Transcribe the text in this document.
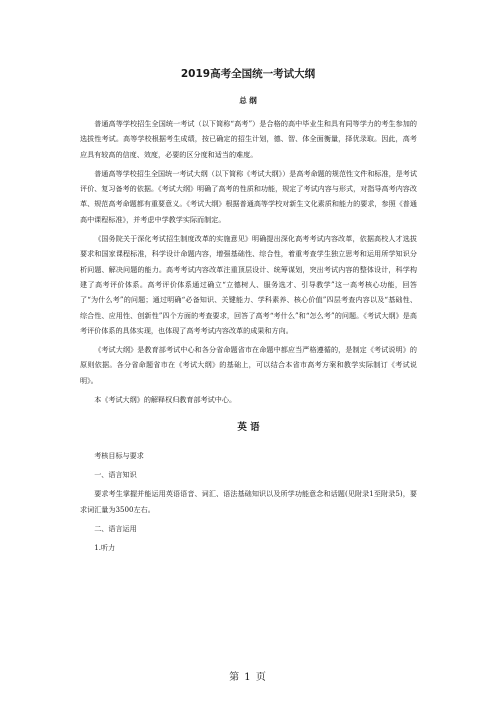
2019高考全国统一考试大纲
总 纲

普通高等学校招生全国统一考试（以下简称“高考”）是合格的高中毕业生和具有同等学力的考生参加的选拔性考试。高等学校根据考生成绩，按已确定的招生计划，德、智、体全面衡量，择优录取。因此，高考应具有较高的信度、效度，必要的区分度和适当的难度。

普通高等学校招生全国统一考试大纲（以下简称《考试大纲》）是高考命题的规范性文件和标准，是考试评价、复习备考的依据。《考试大纲》明确了高考的性质和功能，规定了考试内容与形式，对指导高考内容改革、规范高考命题都有重要意义。《考试大纲》根据普通高等学校对新生文化素质和能力的要求，参照《普通高中课程标准》，并考虑中学教学实际而制定。

《国务院关于深化考试招生制度改革的实施意见》明确提出深化高考考试内容改革，依据高校人才选拔要求和国家课程标准，科学设计命题内容，增强基础性、综合性，着重考查学生独立思考和运用所学知识分析问题、解决问题的能力。高考考试内容改革注重顶层设计、统筹谋划，突出考试内容的整体设计，科学构建了高考评价体系。高考评价体系通过确立“立德树人、服务选才、引导教学”这一高考核心功能，回答了“为什么考”的问题；通过明确“必备知识、关键能力、学科素养、核心价值”四层考查内容以及“基础性、综合性、应用性、创新性”四个方面的考查要求，回答了高考“考什么”和“怎么考”的问题。《考试大纲》是高考评价体系的具体实现，也体现了高考考试内容改革的成果和方向。

《考试大纲》是教育部考试中心和各分省命题省市在命题中都应当严格遵循的，是制定《考试说明》的原则依据。各分省命题省市在《考试大纲》的基础上，可以结合本省市高考方案和教学实际制订《考试说明》。

本《考试大纲》的解释权归教育部考试中心。

英 语

考核目标与要求

一、语言知识

要求考生掌握并能运用英语语音、词汇、语法基础知识以及所学功能意念和话题(见附录1至附录5)，要求词汇量为3500左右。

二、语言运用

1.听力

第 1 页
